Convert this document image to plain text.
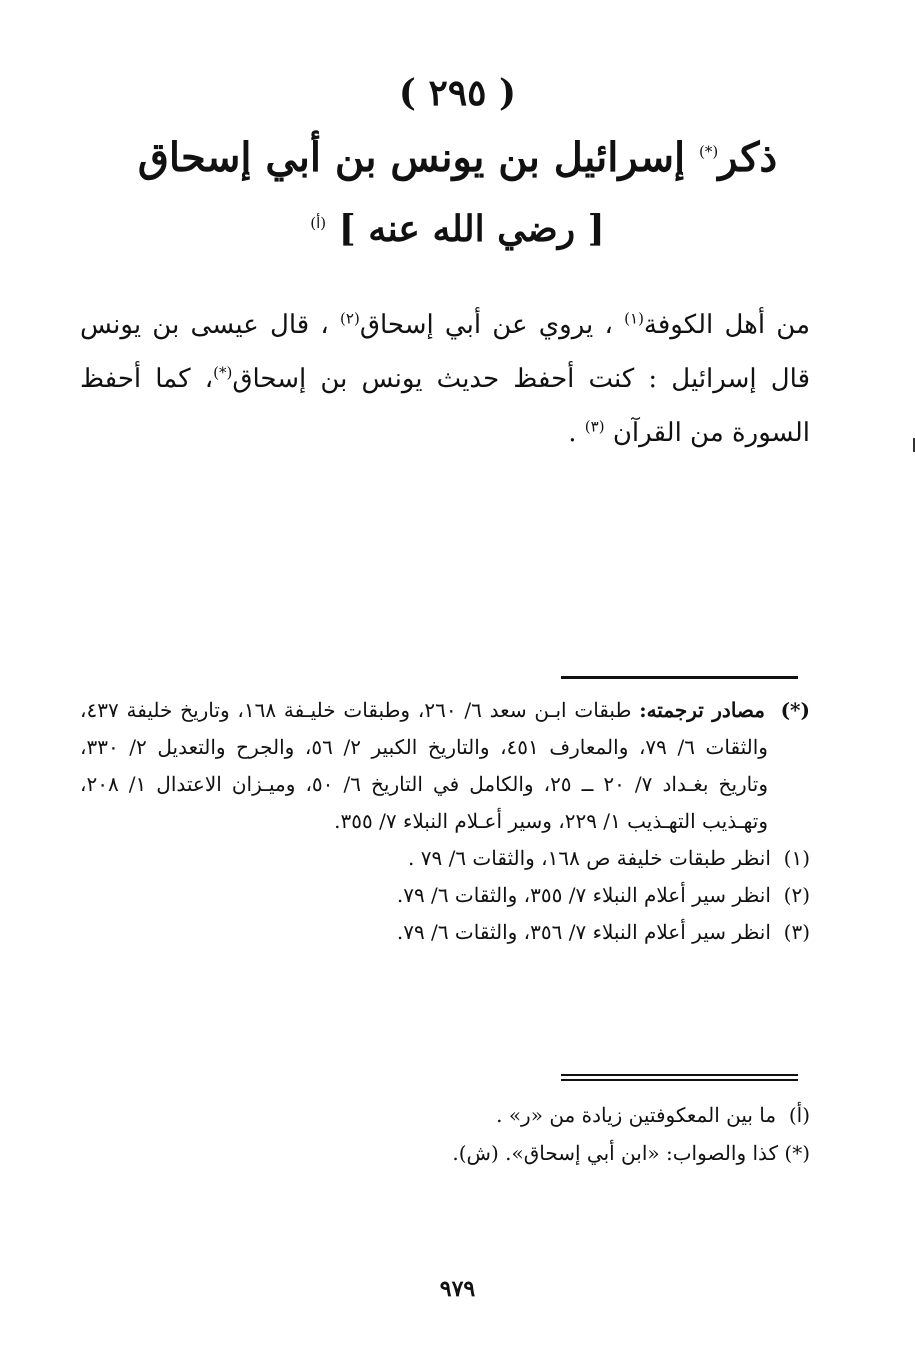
( ٢٩٥ )
ذكر(*) إسرائيل بن يونس بن أبي إسحاق
[ رضي الله عنه ] $^{(أ)}$

من أهل الكوفة$^{(١)}$ ، يروي عن أبي إسحاق$^{(٢)}$ ، قال عيسى بن يونس قال إسرائيل : كنت أحفظ حديث يونس بن إسحاق(*)، كما أحفظ السورة من القرآن $^{(٣)}$ .

(*)  مصادر ترجمته: طبقات ابـن سعد ٦/ ٢٦٠، وطبقات خليـفة ١٦٨، وتاريخ خليفة ٤٣٧، والثقات ٦/ ٧٩، والمعارف ٤٥١، والتاريخ الكبير ٢/ ٥٦، والجرح والتعديل ٢/ ٣٣٠، وتاريخ بغـداد ٧/ ٢٠ ــ ٢٥، والكامل في التاريخ ٦/ ٥٠، وميـزان الاعتدال ١/ ٢٠٨، وتهـذيب التهـذيب ١/ ٢٢٩، وسير أعـلام النبلاء ٧/ ٣٥٥.

(١)  انظر طبقات خليفة ص ١٦٨، والثقات ٦/ ٧٩ .

(٢)  انظر سير أعلام النبلاء ٧/ ٣٥٥، والثقات ٦/ ٧٩.

(٣)  انظر سير أعلام النبلاء ٧/ ٣٥٦، والثقات ٦/ ٧٩.

(أ)  ما بين المعكوفتين زيادة من «ر» .

(*) كذا والصواب: «ابن أبي إسحاق». (ش).

٩٧٩
